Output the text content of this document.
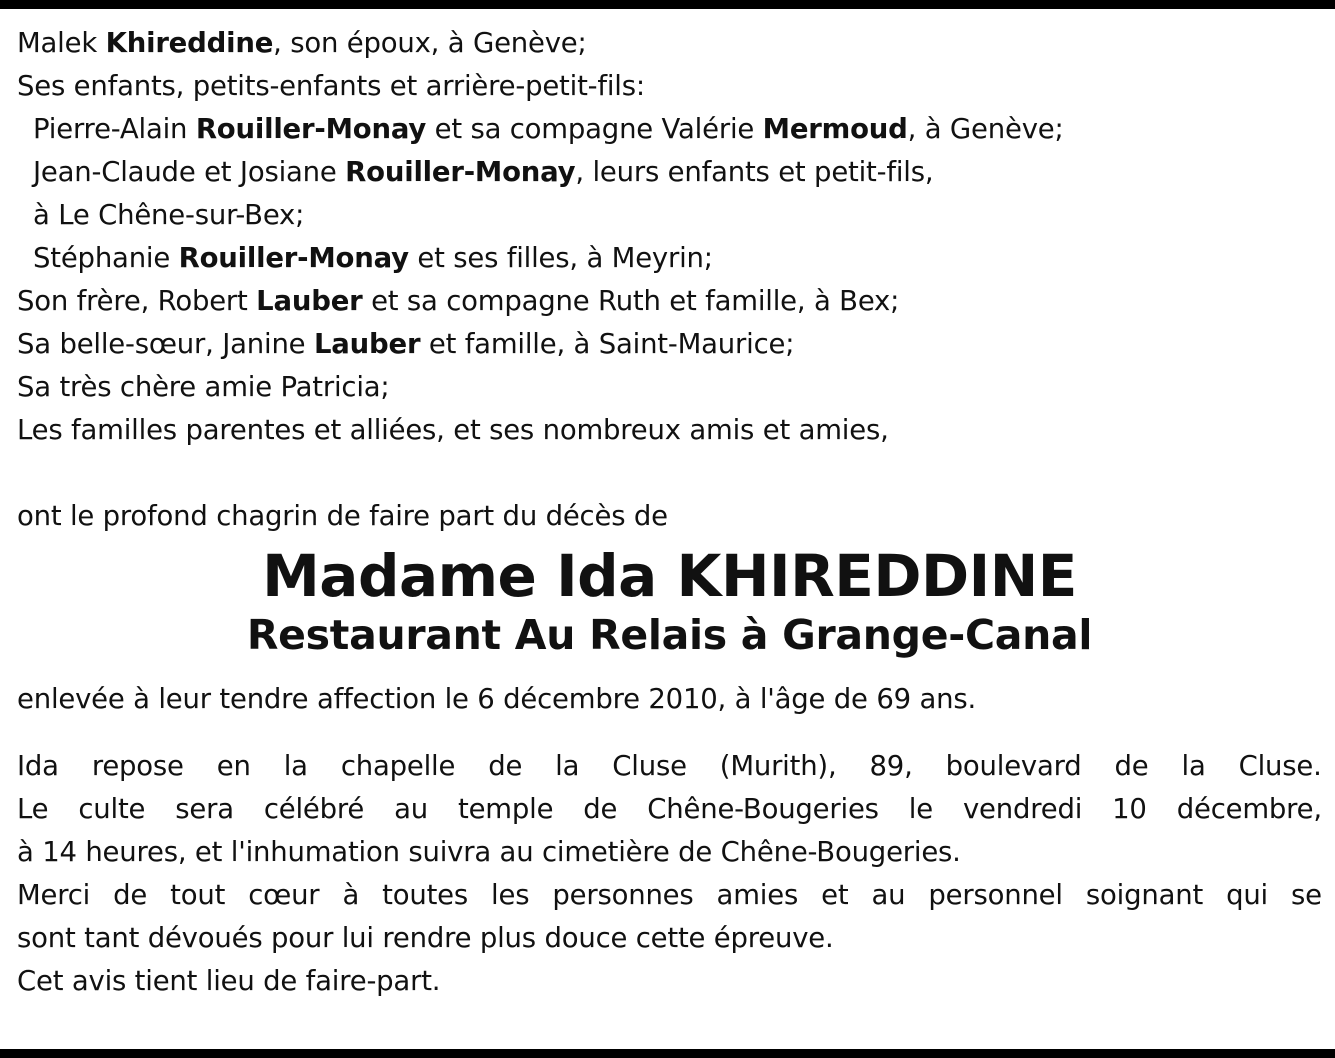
Malek Khireddine, son époux, à Genève;
Ses enfants, petits-enfants et arrière-petit-fils:
Pierre-Alain Rouiller-Monay et sa compagne Valérie Mermoud, à Genève;
Jean-Claude et Josiane Rouiller-Monay, leurs enfants et petit-fils,
à Le Chêne-sur-Bex;
Stéphanie Rouiller-Monay et ses filles, à Meyrin;
Son frère, Robert Lauber et sa compagne Ruth et famille, à Bex;
Sa belle-sœur, Janine Lauber et famille, à Saint-Maurice;
Sa très chère amie Patricia;
Les familles parentes et alliées, et ses nombreux amis et amies,
ont le profond chagrin de faire part du décès de
Madame Ida KHIREDDINE
Restaurant Au Relais à Grange-Canal
enlevée à leur tendre affection le 6 décembre 2010, à l'âge de 69 ans.
Ida repose en la chapelle de la Cluse (Murith), 89, boulevard de la Cluse.
Le culte sera célébré au temple de Chêne-Bougeries le vendredi 10 décembre,
à 14 heures, et l'inhumation suivra au cimetière de Chêne-Bougeries.
Merci de tout cœur à toutes les personnes amies et au personnel soignant qui se
sont tant dévoués pour lui rendre plus douce cette épreuve.
Cet avis tient lieu de faire-part.
